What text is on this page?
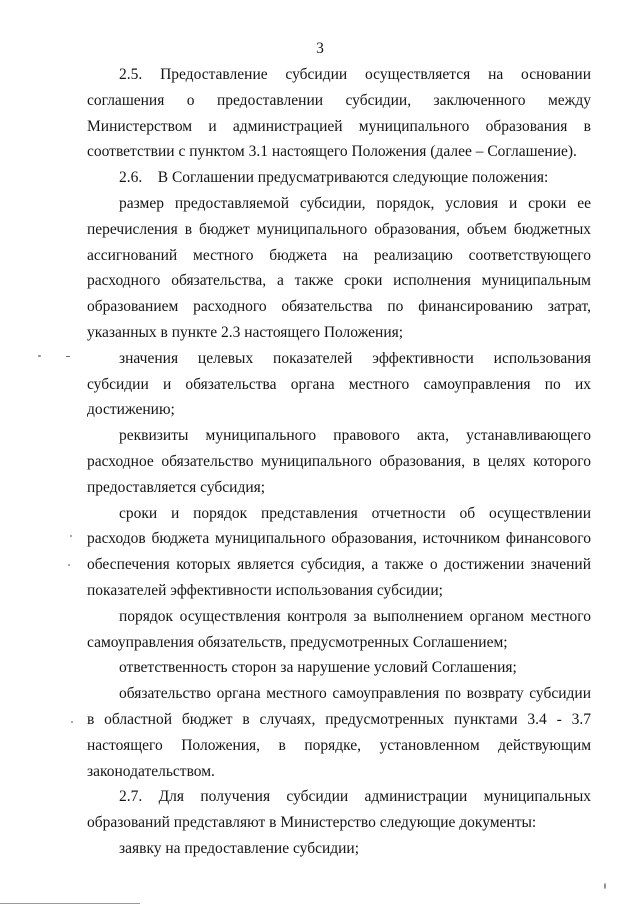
3

2.5. Предоставление субсидии осуществляется на основании соглашения о предоставлении субсидии, заключенного между Министерством и администрацией муниципального образования в соответствии с пунктом 3.1 настоящего Положения (далее – Соглашение).

2.6.    В Соглашении предусматриваются следующие положения:

размер предоставляемой субсидии, порядок, условия и сроки ее перечисления в бюджет муниципального образования, объем бюджетных ассигнований местного бюджета на реализацию соответствующего расходного обязательства, а также сроки исполнения муниципальным образованием расходного обязательства по финансированию затрат, указанных в пункте 2.3 настоящего Положения;

значения целевых показателей эффективности использования субсидии и обязательства органа местного самоуправления по их достижению;

реквизиты муниципального правового акта, устанавливающего расходное обязательство муниципального образования, в целях которого предоставляется субсидия;

сроки и порядок представления отчетности об осуществлении расходов бюджета муниципального образования, источником финансового обеспечения которых является субсидия, а также о достижении значений показателей эффективности использования субсидии;

порядок осуществления контроля за выполнением органом местного самоуправления обязательств, предусмотренных Соглашением;

ответственность сторон за нарушение условий Соглашения;

обязательство органа местного самоуправления по возврату субсидии в областной бюджет в случаях, предусмотренных пунктами 3.4 - 3.7 настоящего Положения, в порядке, установленном действующим законодательством.

2.7. Для получения субсидии администрации муниципальных образований представляют в Министерство следующие документы:

заявку на предоставление субсидии;
